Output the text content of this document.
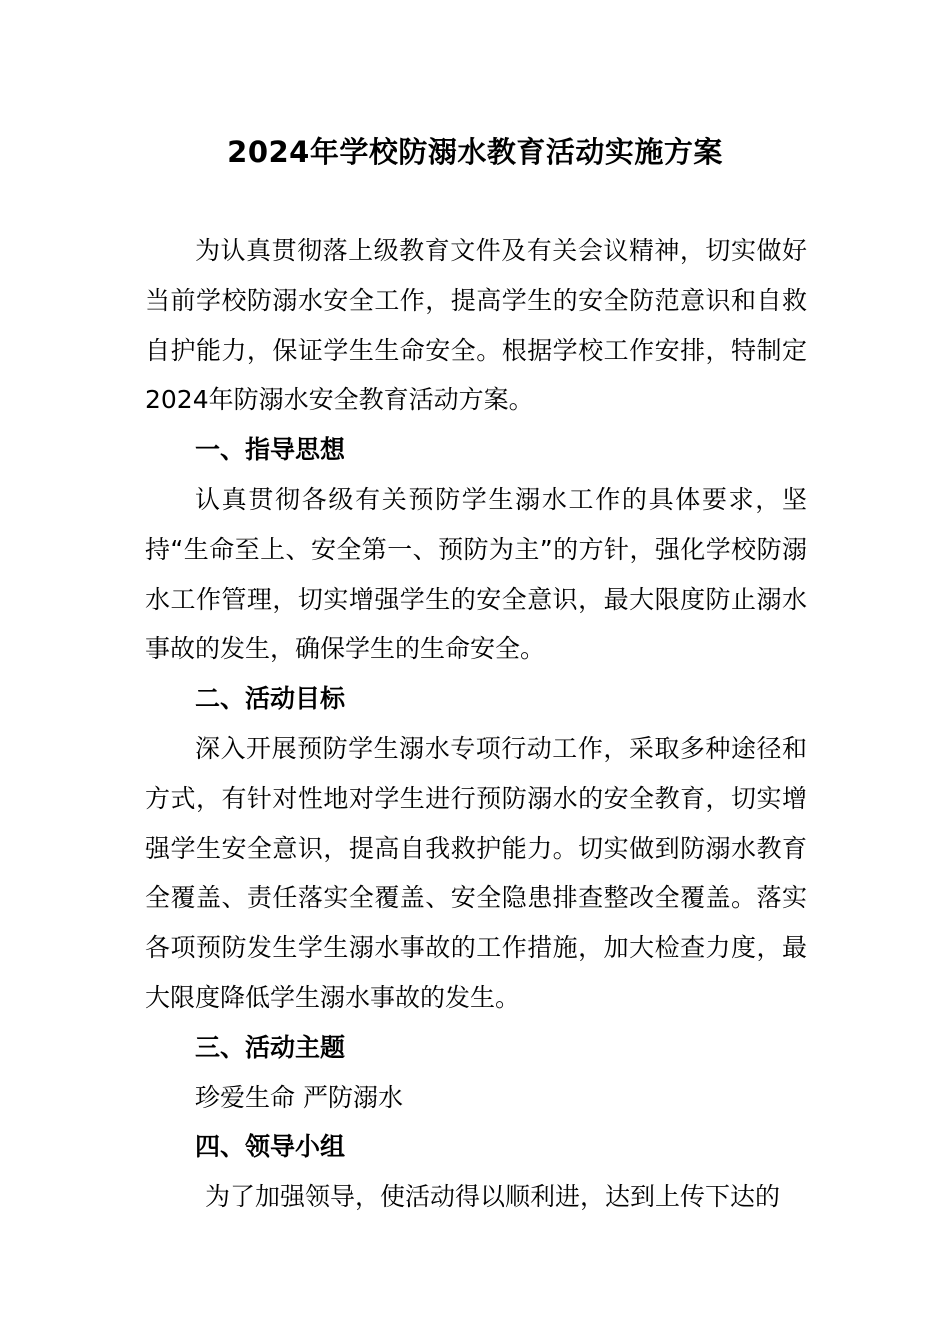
2024年学校防溺水教育活动实施方案

为认真贯彻落上级教育文件及有关会议精神，切实做好当前学校防溺水安全工作，提高学生的安全防范意识和自救自护能力，保证学生生命安全。根据学校工作安排，特制定2024年防溺水安全教育活动方案。

一、指导思想

认真贯彻各级有关预防学生溺水工作的具体要求，坚持“生命至上、安全第一、预防为主”的方针，强化学校防溺水工作管理，切实增强学生的安全意识，最大限度防止溺水事故的发生，确保学生的生命安全。

二、活动目标

深入开展预防学生溺水专项行动工作，采取多种途径和方式，有针对性地对学生进行预防溺水的安全教育，切实增强学生安全意识，提高自我救护能力。切实做到防溺水教育全覆盖、责任落实全覆盖、安全隐患排查整改全覆盖。落实各项预防发生学生溺水事故的工作措施，加大检查力度，最大限度降低学生溺水事故的发生。

三、活动主题

珍爱生命 严防溺水

四、领导小组

为了加强领导，使活动得以顺利进，达到上传下达的
